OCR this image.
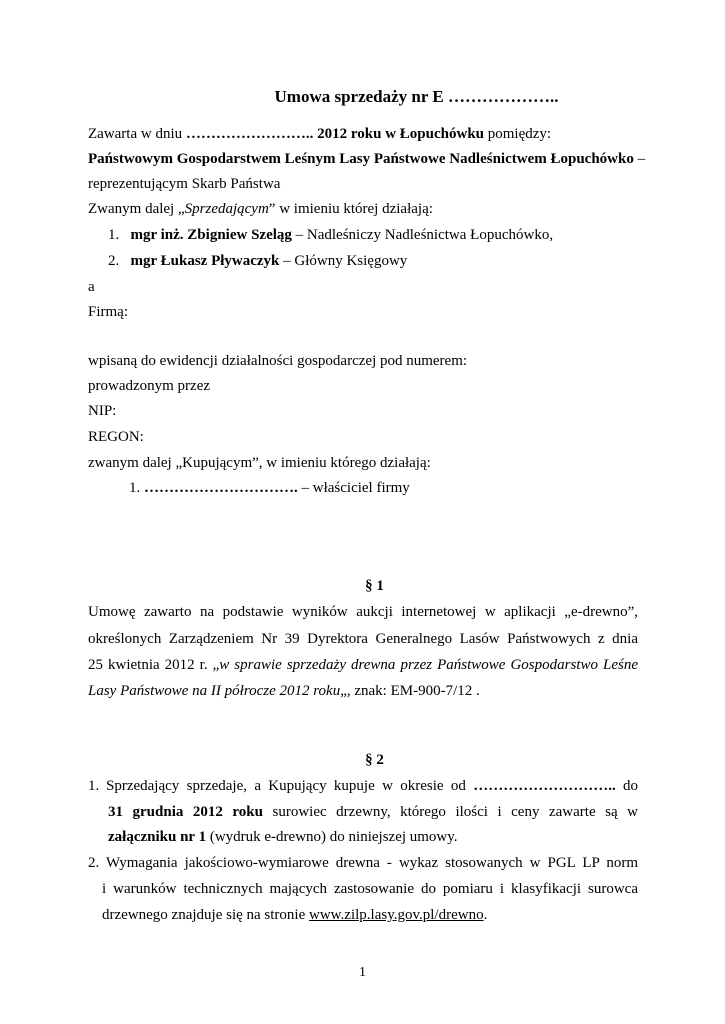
Umowa sprzedaży nr E ………………..
Zawarta w dniu …………………….. 2012 roku w Łopuchówku pomiędzy:
Państwowym Gospodarstwem Leśnym Lasy Państwowe Nadleśnictwem Łopuchówko –
reprezentującym Skarb Państwa
Zwanym dalej „Sprzedającym” w imieniu której działają:
1. mgr inż. Zbigniew Szeląg – Nadleśniczy Nadleśnictwa Łopuchówko,
2. mgr Łukasz Pływaczyk – Główny Księgowy
a
Firmą:
wpisaną do ewidencji działalności gospodarczej pod numerem:
prowadzonym przez
NIP:
REGON:
zwanym dalej „Kupującym”, w imieniu którego działają:
1. …………………………. – właściciel firmy
§ 1
Umowę zawarto na podstawie wyników aukcji internetowej w aplikacji „e-drewno”,
określonych Zarządzeniem Nr 39 Dyrektora Generalnego Lasów Państwowych z dnia
25 kwietnia 2012 r. „w sprawie sprzedaży drewna przez Państwowe Gospodarstwo Leśne
Lasy Państwowe na II półrocze 2012 roku„, znak: EM-900-7/12 .
§ 2
1. Sprzedający sprzedaje, a Kupujący kupuje w okresie od ……………………….. do
31 grudnia 2012 roku surowiec drzewny, którego ilości i ceny zawarte są w
załączniku nr 1 (wydruk e-drewno) do niniejszej umowy.
2. Wymagania jakościowo-wymiarowe drewna - wykaz stosowanych w PGL LP norm
i warunków technicznych mających zastosowanie do pomiaru i klasyfikacji surowca
drzewnego znajduje się na stronie www.zilp.lasy.gov.pl/drewno.
1
